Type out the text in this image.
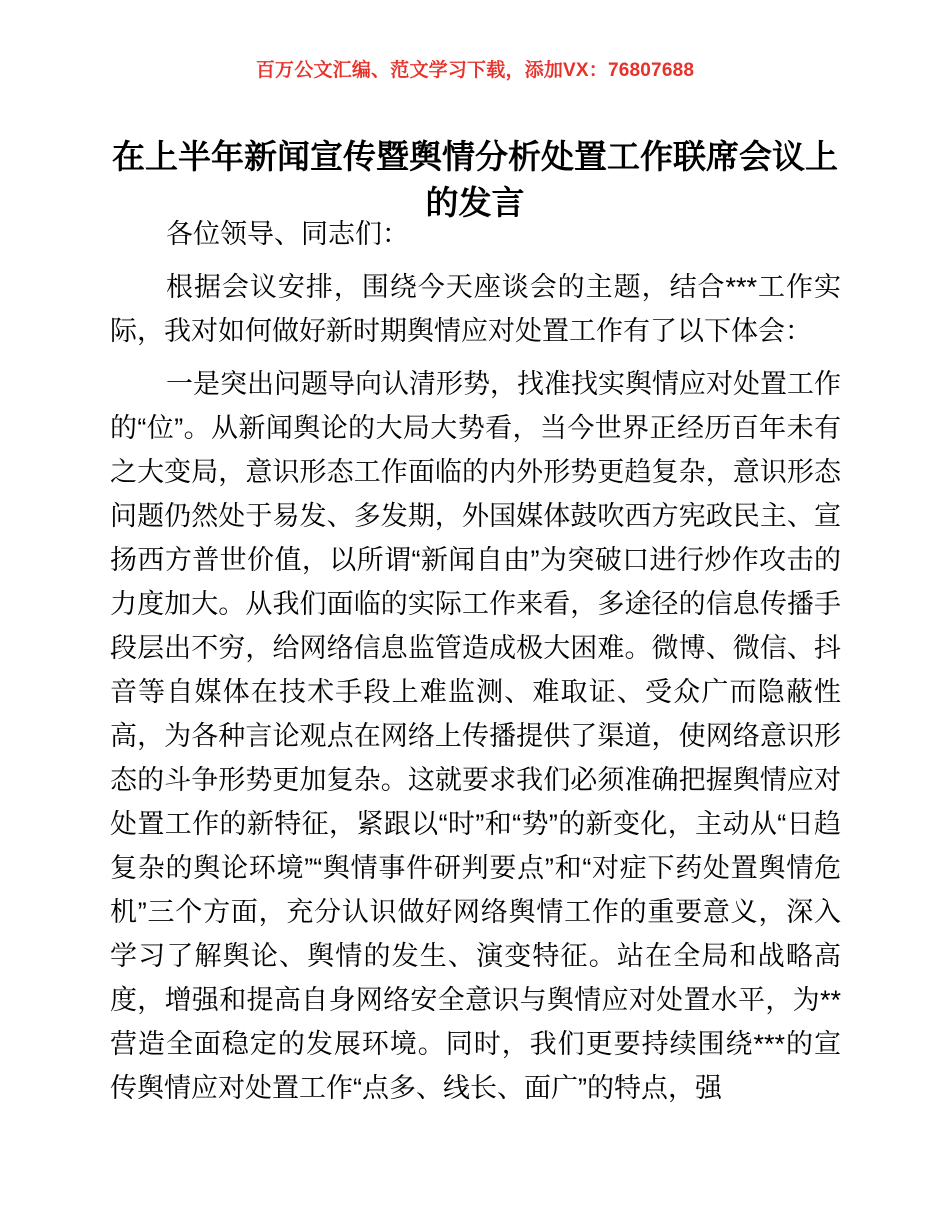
百万公文汇编、范文学习下载，添加VX：76807688
在上半年新闻宣传暨舆情分析处置工作联席会议上的发言

各位领导、同志们：

根据会议安排，围绕今天座谈会的主题，结合***工作实际，我对如何做好新时期舆情应对处置工作有了以下体会：

一是突出问题导向认清形势，找准找实舆情应对处置工作的“位”。从新闻舆论的大局大势看，当今世界正经历百年未有之大变局，意识形态工作面临的内外形势更趋复杂，意识形态问题仍然处于易发、多发期，外国媒体鼓吹西方宪政民主、宣扬西方普世价值，以所谓“新闻自由”为突破口进行炒作攻击的力度加大。从我们面临的实际工作来看，多途径的信息传播手段层出不穷，给网络信息监管造成极大困难。微博、微信、抖音等自媒体在技术手段上难监测、难取证、受众广而隐蔽性高，为各种言论观点在网络上传播提供了渠道，使网络意识形态的斗争形势更加复杂。这就要求我们必须准确把握舆情应对处置工作的新特征，紧跟以“时”和“势”的新变化，主动从“日趋复杂的舆论环境”“舆情事件研判要点”和“对症下药处置舆情危机”三个方面，充分认识做好网络舆情工作的重要意义，深入学习了解舆论、舆情的发生、演变特征。站在全局和战略高度，增强和提高自身网络安全意识与舆情应对处置水平，为**营造全面稳定的发展环境。同时，我们更要持续围绕***的宣传舆情应对处置工作“点多、线长、面广”的特点，强
